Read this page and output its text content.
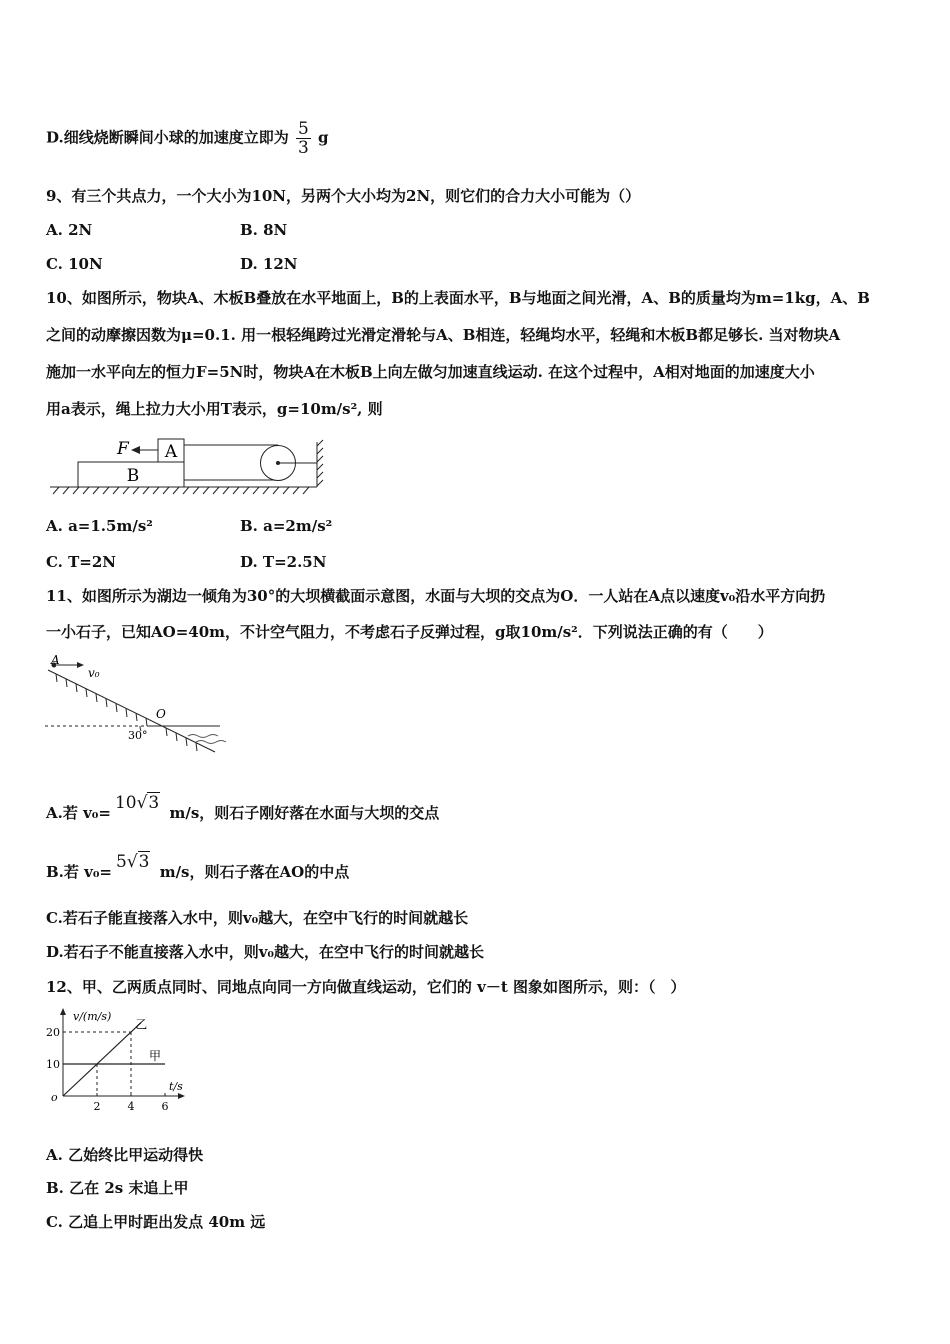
D.细线烧断瞬间小球的加速度立即为 $\frac{5}{3}$ g
9、有三个共点力，一个大小为10N，另两个大小均为2N，则它们的合力大小可能为（）
A. 2N	B. 8N
C. 10N	D. 12N
10、如图所示，物块A、木板B叠放在水平地面上，B的上表面水平，B与地面之间光滑，A、B的质量均为m=1kg，A、B
之间的动摩擦因数为μ=0.1. 用一根轻绳跨过光滑定滑轮与A、B相连，轻绳均水平，轻绳和木板B都足够长. 当对物块A
施加一水平向左的恒力F=5N时，物块A在木板B上向左做匀加速直线运动. 在这个过程中，A相对地面的加速度大小
用a表示，绳上拉力大小用T表示，g=10m/s², 则
B
A
F
A. a=1.5m/s²	B. a=2m/s²
C. T=2N	D. T=2.5N
11、如图所示为湖边一倾角为30°的大坝横截面示意图，水面与大坝的交点为O．一人站在A点以速度v₀沿水平方向扔
一小石子，已知AO=40m，不计空气阻力，不考虑石子反弹过程，g取10m/s²．下列说法正确的有（　　）
A
v₀
O
30°
A.若 v₀= 10√3 m/s，则石子刚好落在水面与大坝的交点
B.若 v₀= 5√3 m/s，则石子落在AO的中点
C.若石子能直接落入水中，则v₀越大，在空中飞行的时间就越长
D.若石子不能直接落入水中，则v₀越大，在空中飞行的时间就越长
12、甲、乙两质点同时、同地点向同一方向做直线运动，它们的 v－t 图象如图所示，则：（　）
v/(m/s)
t/s
o
2 4 6
10
20
甲
乙
A. 乙始终比甲运动得快
B. 乙在 2s 末追上甲
C. 乙追上甲时距出发点 40m 远
